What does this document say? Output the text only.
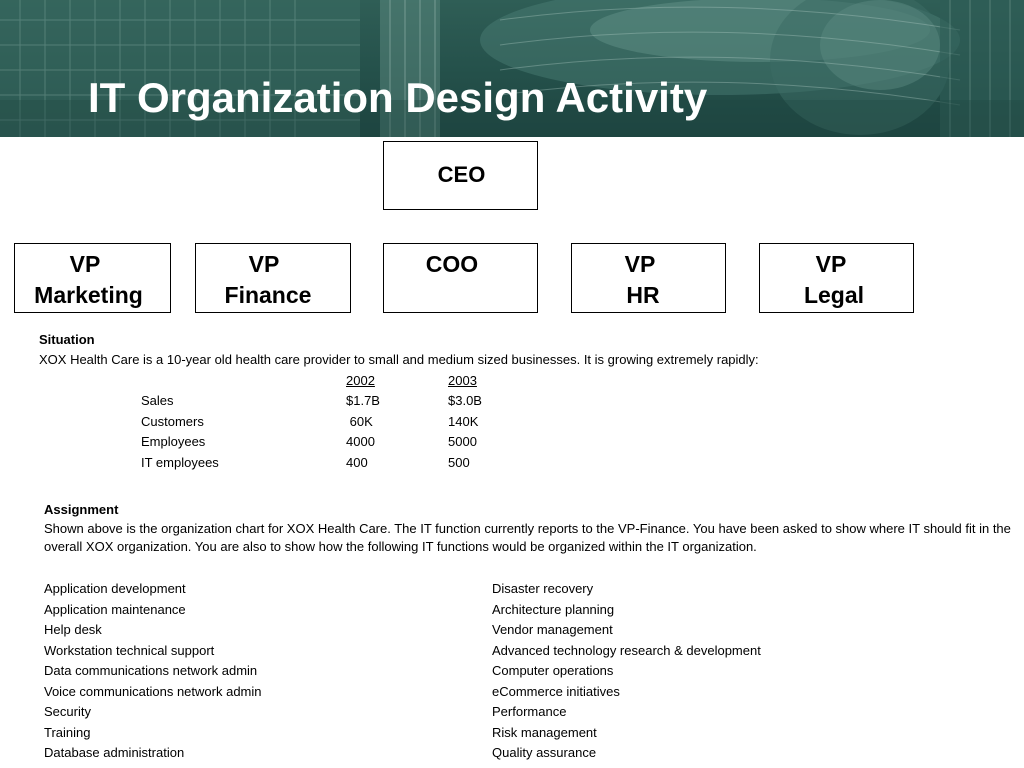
IT Organization Design Activity
CEO
VP
Marketing
VP
Finance
COO	VP
HR
VP
Legal
Situation
XOX Health Care is a 10-year old health care provider to small and medium sized businesses. It is growing extremely rapidly:
2002	2003
Sales	$1.7B	$3.0B
Customers	60K	140K
Employees	4000	5000
IT employees	400	500
Assignment

Shown above is the organization chart for XOX Health Care. The IT function currently reports to the VP-Finance. You have been asked to show where IT should fit in the overall XOX organization. You are also to show how the following IT functions would be organized within the IT organization.

Application development
Application maintenance
Help desk
Workstation technical support
Data communications network admin
Voice communications network admin
Security
Training
Database administration
Disaster recovery
Architecture planning
Vendor management
Advanced technology research & development
Computer operations
eCommerce initiatives
Performance
Risk management
Quality assurance
